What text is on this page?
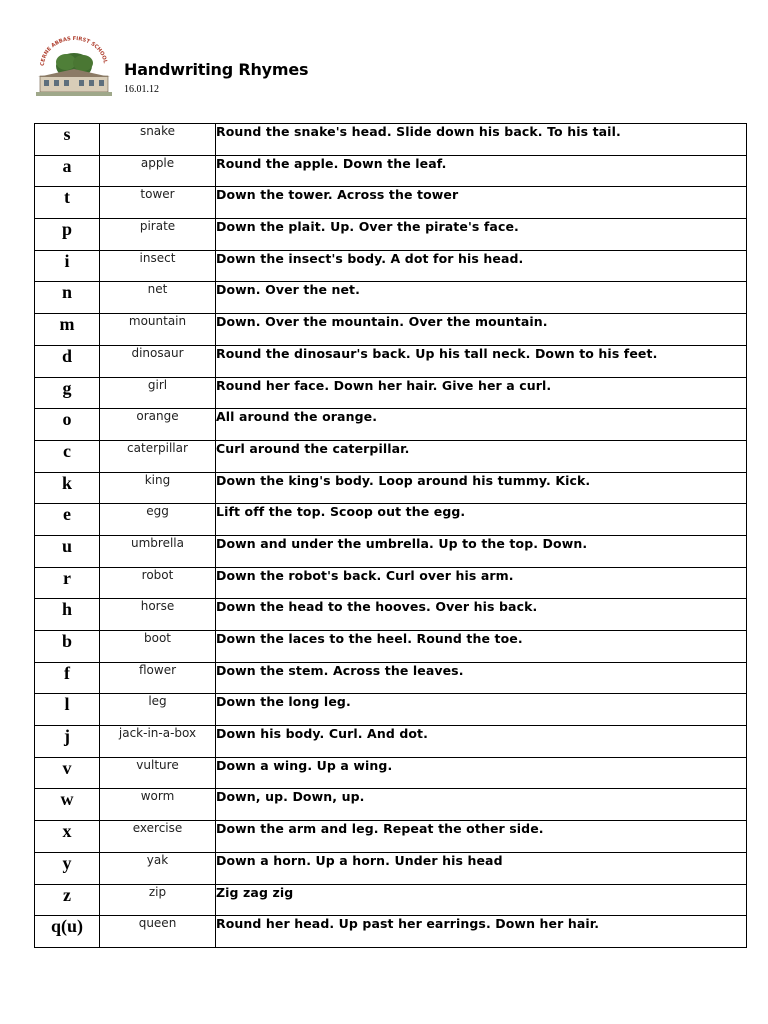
CERNE ABBAS FIRST SCHOOL Handwriting Rhymes
16.01.12
s	snake	Round the snake's head. Slide down his back. To his tail.
a	apple	Round the apple. Down the leaf.
t	tower	Down the tower. Across the tower
p	pirate	Down the plait. Up. Over the pirate's face.
i	insect	Down the insect's body. A dot for his head.
n	net	Down. Over the net.
m	mountain	Down. Over the mountain. Over the mountain.
d	dinosaur	Round the dinosaur's back. Up his tall neck. Down to his feet.
g	girl	Round her face. Down her hair. Give her a curl.
o	orange	All around the orange.
c	caterpillar	Curl around the caterpillar.
k	king	Down the king's body. Loop around his tummy. Kick.
e	egg	Lift off the top. Scoop out the egg.
u	umbrella	Down and under the umbrella. Up to the top. Down.
r	robot	Down the robot's back. Curl over his arm.
h	horse	Down the head to the hooves. Over his back.
b	boot	Down the laces to the heel. Round the toe.
f	flower	Down the stem. Across the leaves.
l	leg	Down the long leg.
j	jack-in-a-box	Down his body. Curl. And dot.
v	vulture	Down a wing. Up a wing.
w	worm	Down, up. Down, up.
x	exercise	Down the arm and leg. Repeat the other side.
y	yak	Down a horn. Up a horn. Under his head
z	zip	Zig zag zig
q(u)	queen	Round her head. Up past her earrings. Down her hair.
